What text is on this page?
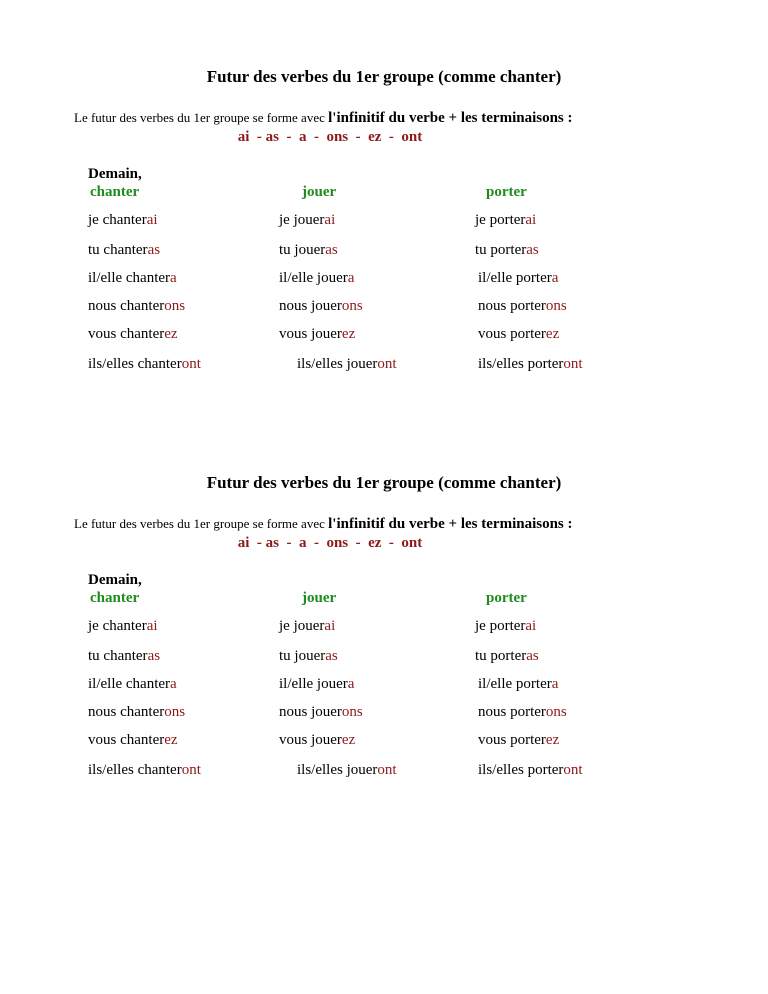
Futur des verbes du 1er groupe (comme chanter)
Le futur des verbes du 1er groupe se forme avec l'infinitif du verbe + les terminaisons :
ai  - as  -  a  -  ons  -  ez  -  ont
Demain,
chanter	jouer	porter
je chanterai	je jouerai	je porterai
tu chanteras	tu joueras	tu porteras
il/elle chantera	il/elle jouera	il/elle portera
nous chanterons	nous jouerons	nous porterons
vous chanterez	vous jouerez	vous porterez
ils/elles chanteront	ils/elles joueront	ils/elles porteront
Futur des verbes du 1er groupe (comme chanter)
Le futur des verbes du 1er groupe se forme avec l'infinitif du verbe + les terminaisons :
ai  - as  -  a  -  ons  -  ez  -  ont
Demain,
chanter	jouer	porter
je chanterai	je jouerai	je porterai
tu chanteras	tu joueras	tu porteras
il/elle chantera	il/elle jouera	il/elle portera
nous chanterons	nous jouerons	nous porterons
vous chanterez	vous jouerez	vous porterez
ils/elles chanteront	ils/elles joueront	ils/elles porteront
